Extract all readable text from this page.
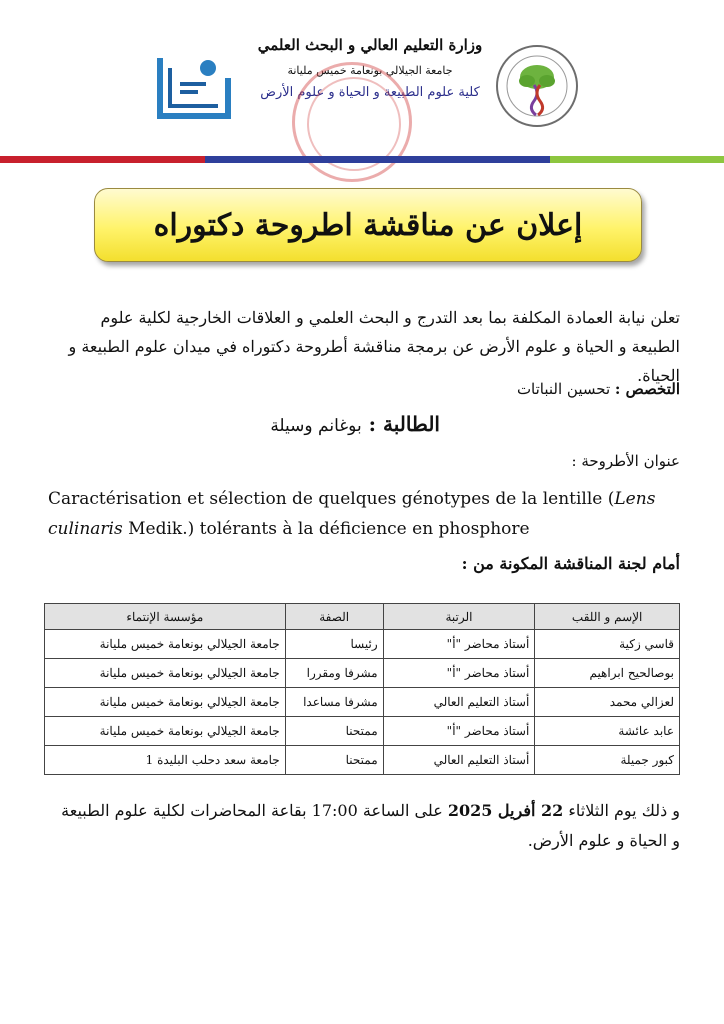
وزارة التعليم العالي و البحث العلمي
جامعة الجيلالي بونعامة خميس مليانة
كلية علوم الطبيعة و الحياة و علوم الأرض
إعلان عن مناقشة اطروحة دكتوراه

تعلن نيابة العمادة المكلفة بما بعد التدرج و البحث العلمي و العلاقات الخارجية لكلية علوم الطبيعة و الحياة و علوم الأرض عن برمجة مناقشة أطروحة دكتوراه في ميدان علوم الطبيعة و الحياة.

التخصص : تحسين النباتات

الطالبة : بوغانم وسيلة

عنوان الأطروحة :

Caractérisation et sélection de quelques génotypes de la lentille (Lens culinaris Medik.) tolérants à la déficience en phosphore

أمام لجنة المناقشة المكونة من :

الإسم و اللقب	الرتبة	الصفة	مؤسسة الإنتماء
قاسي زكية	أستاذ محاضر "أ"	رئيسا	جامعة الجيلالي بونعامة خميس مليانة
بوصالحيح ابراهيم	أستاذ محاضر "أ"	مشرفا ومقررا	جامعة الجيلالي بونعامة خميس مليانة
لعزالي محمد	أستاذ التعليم العالي	مشرفا مساعدا	جامعة الجيلالي بونعامة خميس مليانة
عابد عائشة	أستاذ محاضر "أ"	ممتحنا	جامعة الجيلالي بونعامة خميس مليانة
كبور جميلة	أستاذ التعليم العالي	ممتحنا	جامعة سعد دحلب البليدة 1

و ذلك يوم الثلاثاء 22 أفريل 2025 على الساعة 17:00 بقاعة المحاضرات لكلية علوم الطبيعة و الحياة و علوم الأرض.
